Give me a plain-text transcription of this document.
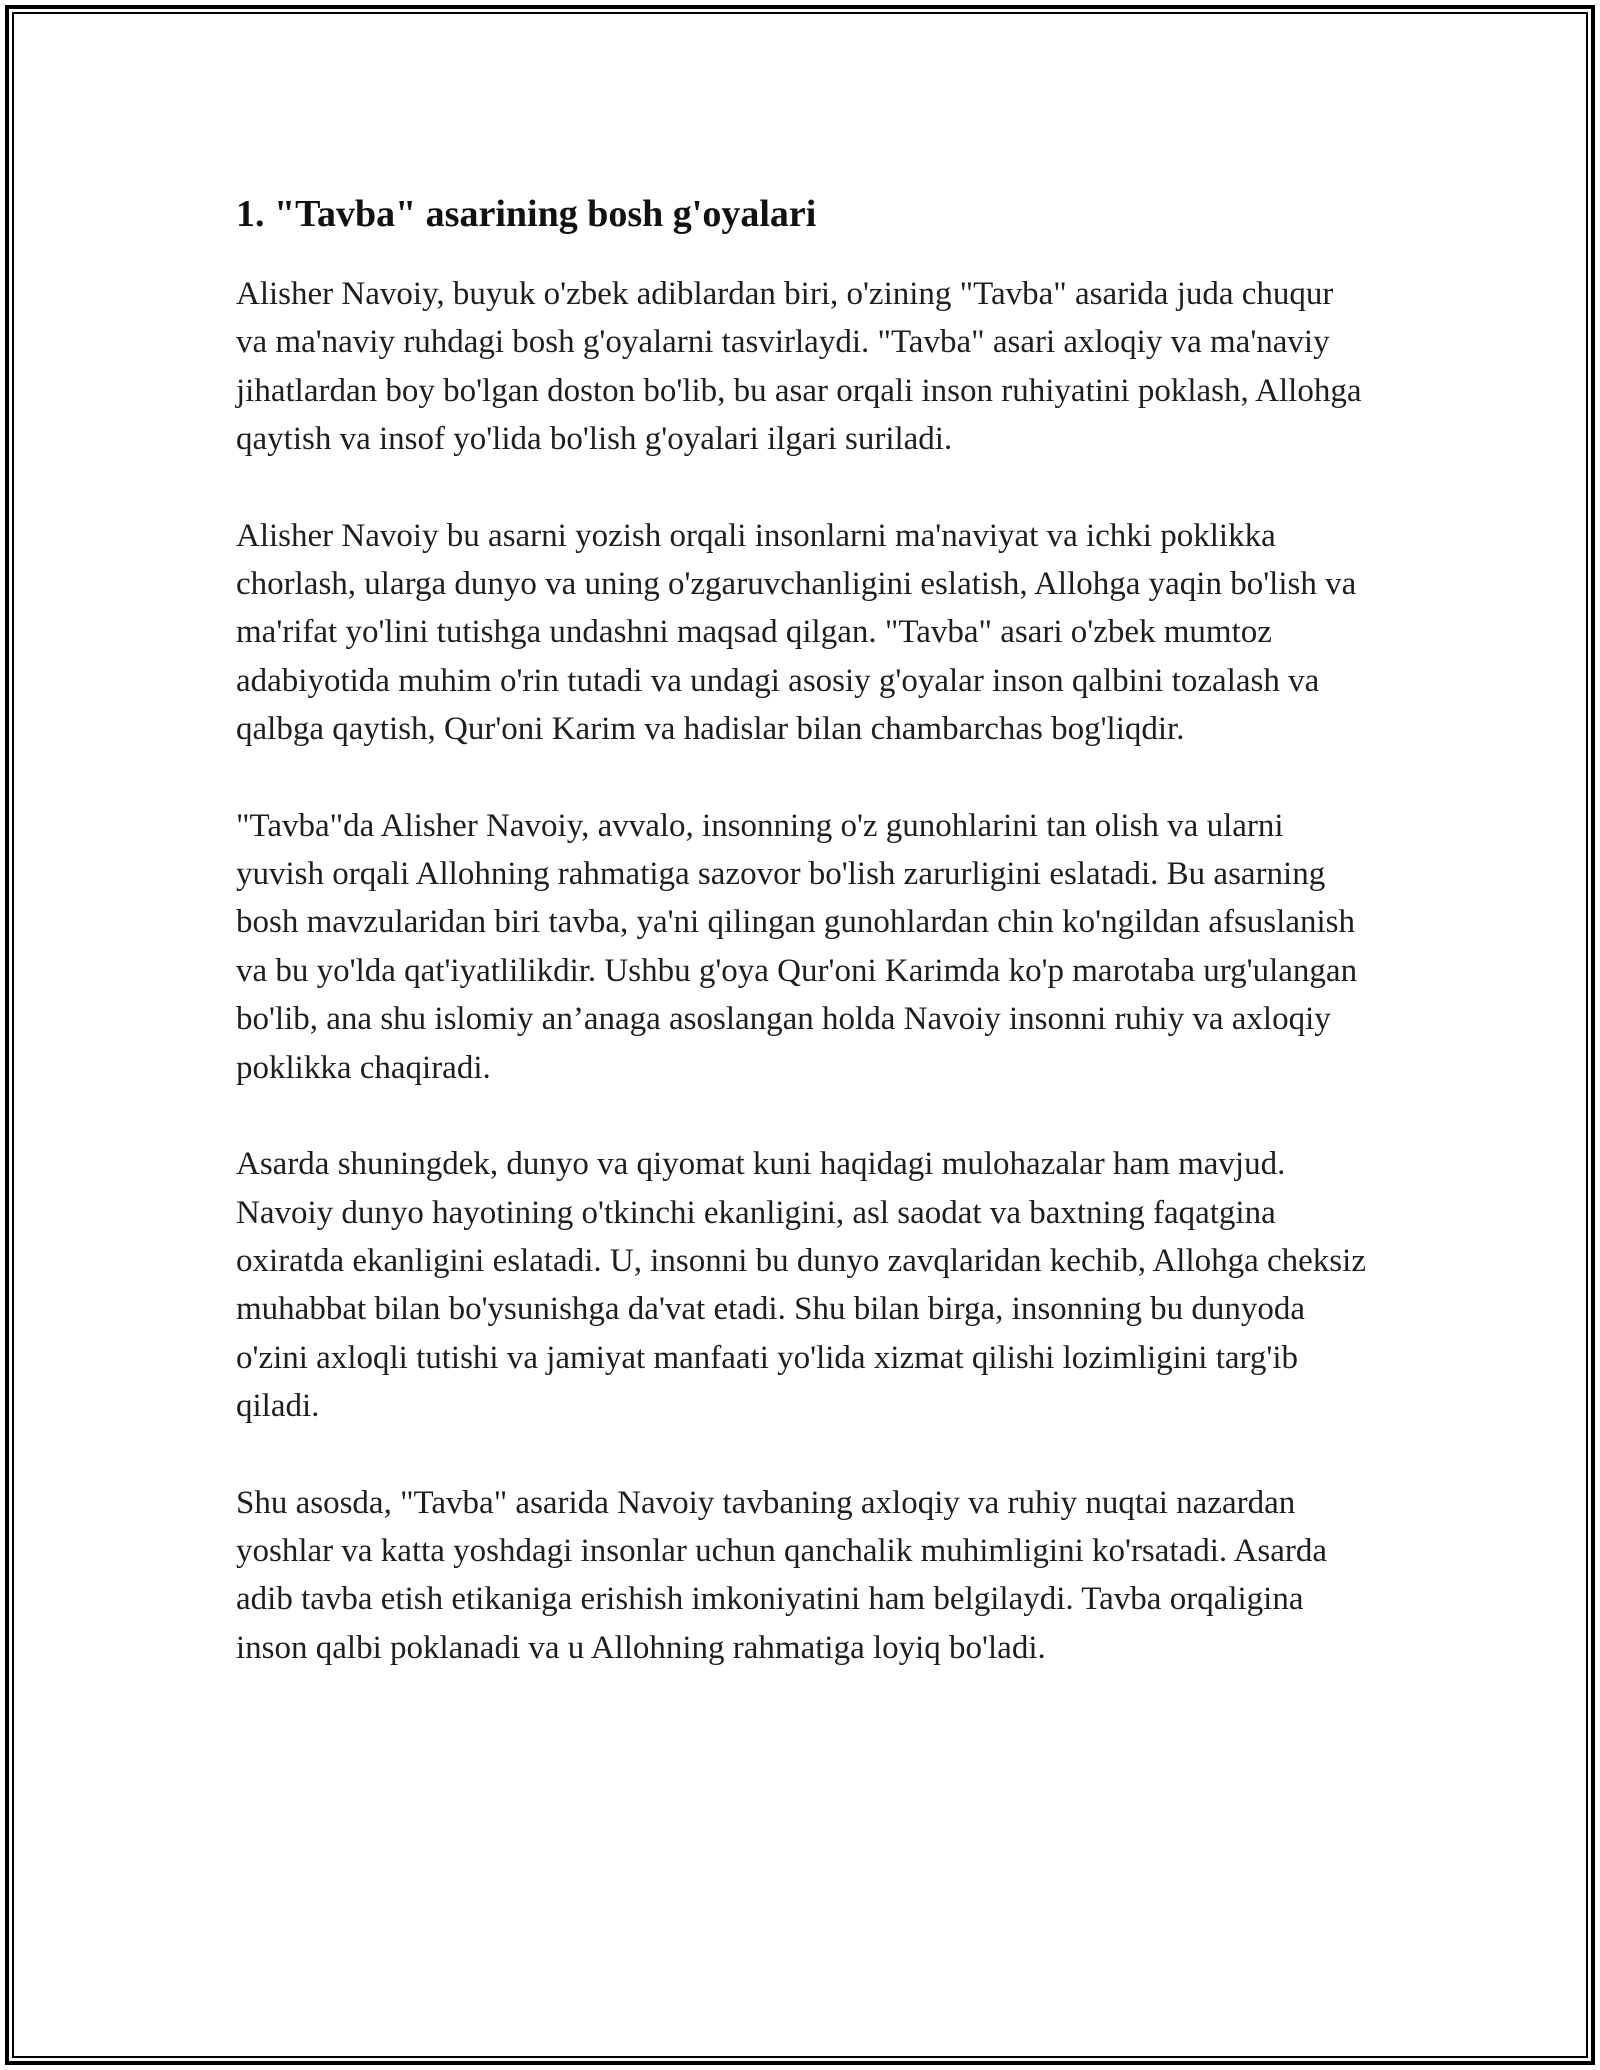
1. "Tavba" asarining bosh g'oyalari

Alisher Navoiy, buyuk o'zbek adiblardan biri, o'zining "Tavba" asarida juda chuqur va ma'naviy ruhdagi bosh g'oyalarni tasvirlaydi. "Tavba" asari axloqiy va ma'naviy jihatlardan boy bo'lgan doston bo'lib, bu asar orqali inson ruhiyatini poklash, Allohga qaytish va insof yo'lida bo'lish g'oyalari ilgari suriladi.

Alisher Navoiy bu asarni yozish orqali insonlarni ma'naviyat va ichki poklikka chorlash, ularga dunyo va uning o'zgaruvchanligini eslatish, Allohga yaqin bo'lish va ma'rifat yo'lini tutishga undashni maqsad qilgan. "Tavba" asari o'zbek mumtoz adabiyotida muhim o'rin tutadi va undagi asosiy g'oyalar inson qalbini tozalash va qalbga qaytish, Qur'oni Karim va hadislar bilan chambarchas bog'liqdir.

"Tavba"da Alisher Navoiy, avvalo, insonning o'z gunohlarini tan olish va ularni yuvish orqali Allohning rahmatiga sazovor bo'lish zarurligini eslatadi. Bu asarning bosh mavzularidan biri tavba, ya'ni qilingan gunohlardan chin ko'ngildan afsuslanish va bu yo'lda qat'iyatlilikdir. Ushbu g'oya Qur'oni Karimda ko'p marotaba urg'ulangan bo'lib, ana shu islomiy an’anaga asoslangan holda Navoiy insonni ruhiy va axloqiy poklikka chaqiradi.

Asarda shuningdek, dunyo va qiyomat kuni haqidagi mulohazalar ham mavjud. Navoiy dunyo hayotining o'tkinchi ekanligini, asl saodat va baxtning faqatgina oxiratda ekanligini eslatadi. U, insonni bu dunyo zavqlaridan kechib, Allohga cheksiz muhabbat bilan bo'ysunishga da'vat etadi. Shu bilan birga, insonning bu dunyoda o'zini axloqli tutishi va jamiyat manfaati yo'lida xizmat qilishi lozimligini targ'ib qiladi.

Shu asosda, "Tavba" asarida Navoiy tavbaning axloqiy va ruhiy nuqtai nazardan yoshlar va katta yoshdagi insonlar uchun qanchalik muhimligini ko'rsatadi. Asarda adib tavba etish etikaniga erishish imkoniyatini ham belgilaydi. Tavba orqaligina inson qalbi poklanadi va u Allohning rahmatiga loyiq bo'ladi.
